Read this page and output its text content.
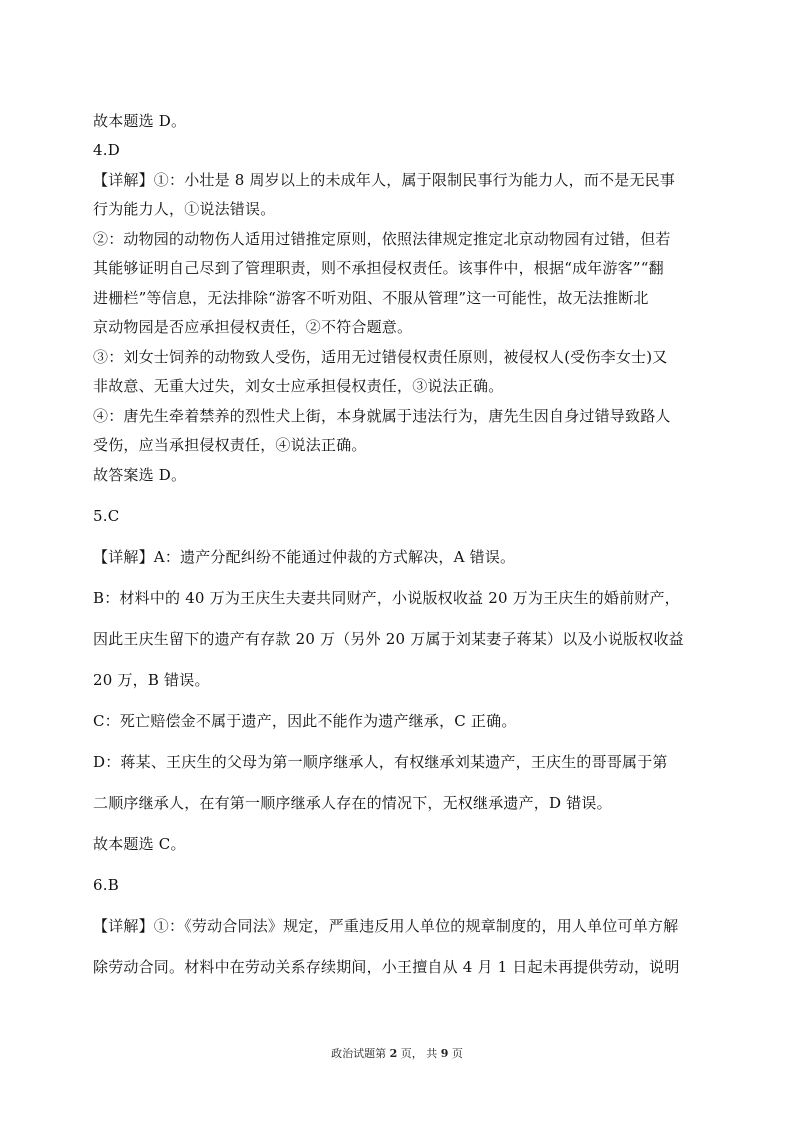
故本题选 D。
4.D
【详解】①：小壮是 8 周岁以上的未成年人，属于限制民事行为能力人，而不是无民事
行为能力人，①说法错误。
②：动物园的动物伤人适用过错推定原则，依照法律规定推定北京动物园有过错，但若
其能够证明自己尽到了管理职责，则不承担侵权责任。该事件中，根据“成年游客”“翻
进栅栏”等信息，无法排除“游客不听劝阻、不服从管理”这一可能性，故无法推断北
京动物园是否应承担侵权责任，②不符合题意。
③：刘女士饲养的动物致人受伤，适用无过错侵权责任原则，被侵权人(受伤李女士)又
非故意、无重大过失，刘女士应承担侵权责任，③说法正确。
④：唐先生牵着禁养的烈性犬上街，本身就属于违法行为，唐先生因自身过错导致路人
受伤，应当承担侵权责任，④说法正确。
故答案选 D。
5.C
【详解】A：遗产分配纠纷不能通过仲裁的方式解决，A 错误。
B：材料中的 40 万为王庆生夫妻共同财产，小说版权收益 20 万为王庆生的婚前财产，
因此王庆生留下的遗产有存款 20 万（另外 20 万属于刘某妻子蒋某）以及小说版权收益
20 万，B 错误。
C：死亡赔偿金不属于遗产，因此不能作为遗产继承，C 正确。
D：蒋某、王庆生的父母为第一顺序继承人，有权继承刘某遗产，王庆生的哥哥属于第
二顺序继承人，在有第一顺序继承人存在的情况下，无权继承遗产，D 错误。
故本题选 C。
6.B
【详解】①：《劳动合同法》规定，严重违反用人单位的规章制度的，用人单位可单方解
除劳动合同。材料中在劳动关系存续期间，小王擅自从 4 月 1 日起未再提供劳动，说明
政治试题第 2 页， 共 9 页
